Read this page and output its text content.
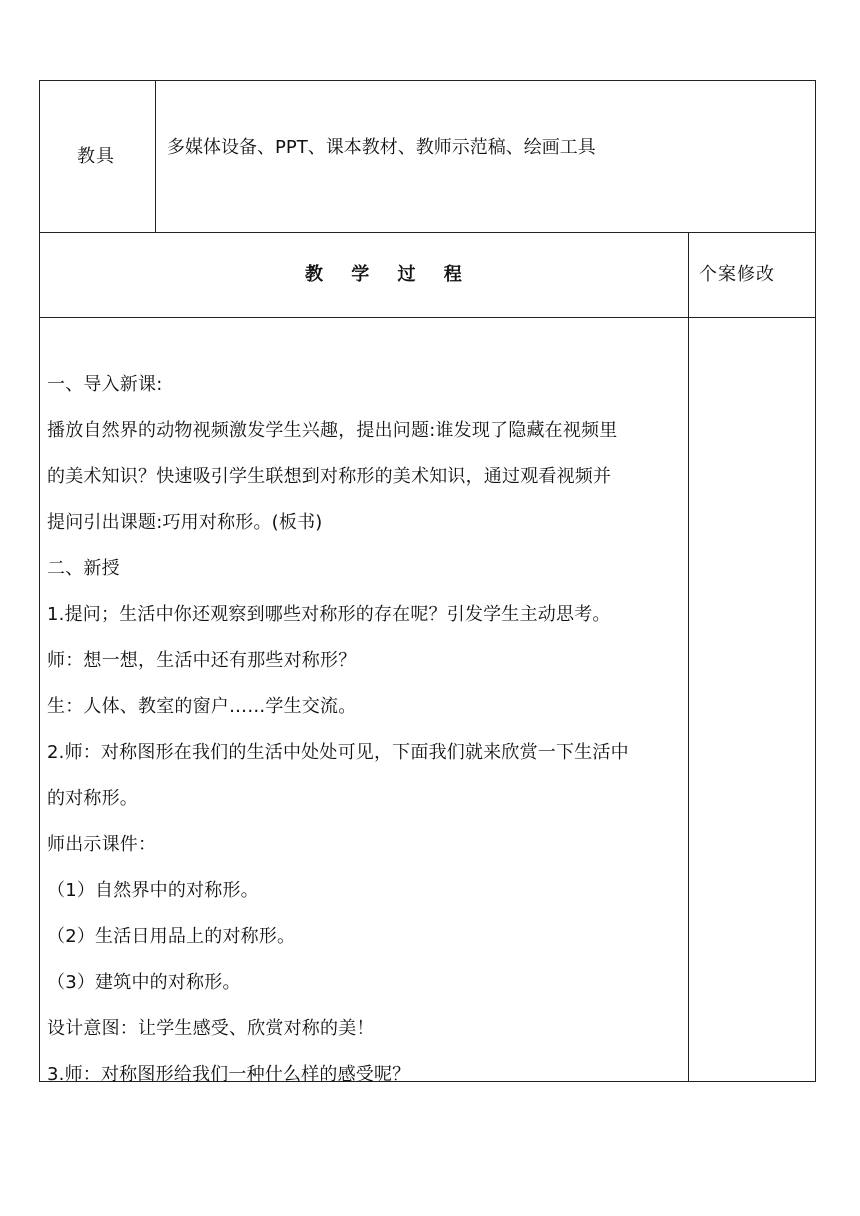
教具	多媒体设备、PPT、课本教材、教师示范稿、绘画工具
教 学 过 程	个案修改
一、导入新课:
播放自然界的动物视频激发学生兴趣，提出问题:谁发现了隐藏在视频里
的美术知识？快速吸引学生联想到对称形的美术知识，通过观看视频并
提问引出课题:巧用对称形。(板书)
二、新授
1.提问；生活中你还观察到哪些对称形的存在呢？引发学生主动思考。
师：想一想，生活中还有那些对称形？
生：人体、教室的窗户……学生交流。
2.师：对称图形在我们的生活中处处可见，下面我们就来欣赏一下生活中
的对称形。
师出示课件：
（1）自然界中的对称形。
（2）生活日用品上的对称形。
（3）建筑中的对称形。
设计意图：让学生感受、欣赏对称的美！
3.师：对称图形给我们一种什么样的感受呢？
